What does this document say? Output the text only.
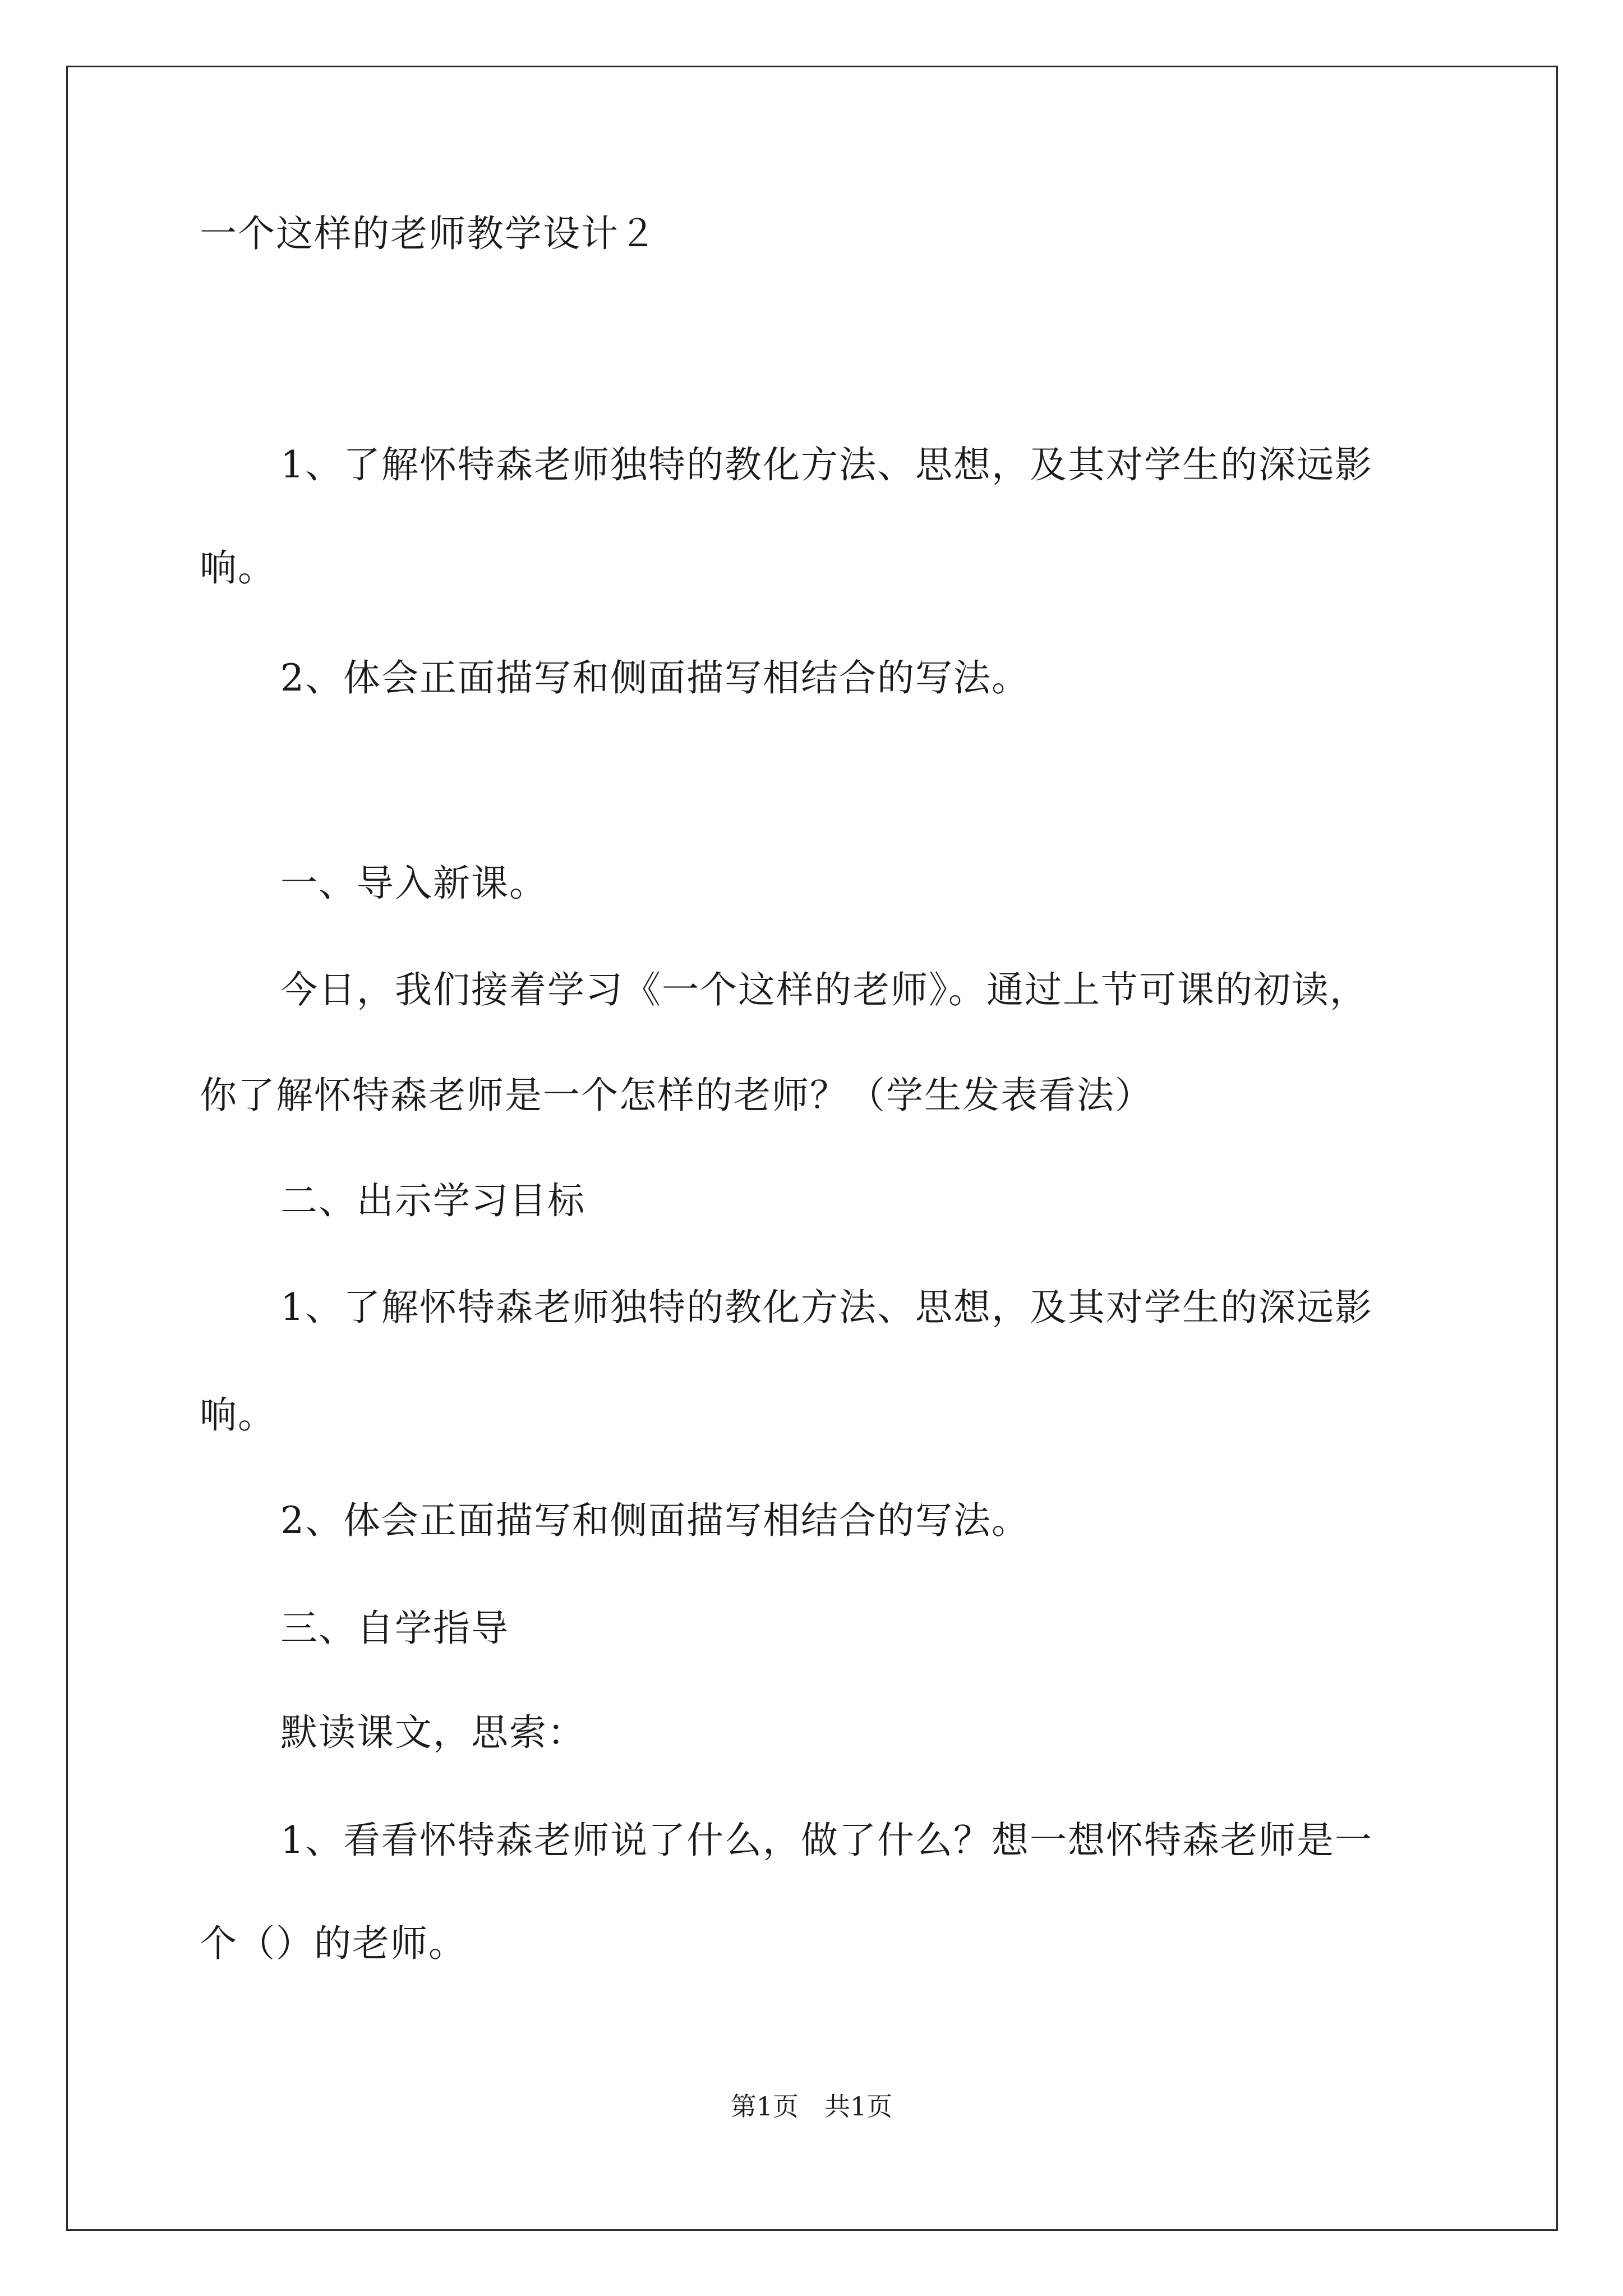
一个这样的老师教学设计２
1、了解怀特森老师独特的教化方法、思想，及其对学生的深远影
响。
2、体会正面描写和侧面描写相结合的写法。
一、导入新课。
今日，我们接着学习《一个这样的老师》。通过上节可课的初读，
你了解怀特森老师是一个怎样的老师？（学生发表看法）
二、出示学习目标
1、了解怀特森老师独特的教化方法、思想，及其对学生的深远影
响。
2、体会正面描写和侧面描写相结合的写法。
三、自学指导
默读课文，思索：
1、看看怀特森老师说了什么，做了什么？想一想怀特森老师是一
个（）的老师。
第1页　共1页
